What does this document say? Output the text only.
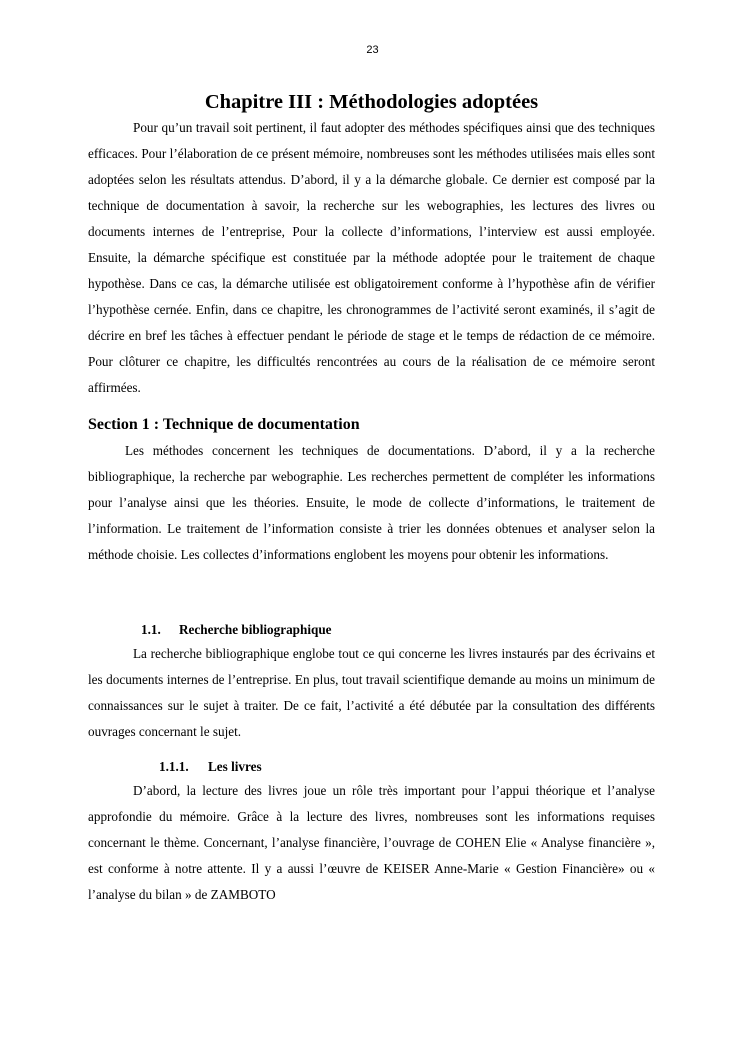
23
Chapitre III : Méthodologies adoptées

Pour qu’un travail soit pertinent, il faut adopter des méthodes spécifiques ainsi que des techniques efficaces. Pour l’élaboration de ce présent mémoire, nombreuses sont les méthodes utilisées mais elles sont adoptées selon les résultats attendus. D’abord, il y a la démarche globale. Ce dernier est composé par la technique de documentation à savoir, la recherche sur les webographies, les lectures des livres ou documents internes de l’entreprise, Pour la collecte d’informations, l’interview est aussi employée. Ensuite, la démarche spécifique est constituée par la méthode adoptée pour le traitement de chaque hypothèse. Dans ce cas, la démarche utilisée est obligatoirement conforme à l’hypothèse afin de vérifier l’hypothèse cernée. Enfin, dans ce chapitre, les chronogrammes de l’activité seront examinés, il s’agit de décrire en bref les tâches à effectuer pendant le période de stage et le temps de rédaction de ce mémoire. Pour clôturer ce chapitre, les difficultés rencontrées au cours de la réalisation de ce mémoire seront affirmées.

Section 1 : Technique de documentation

Les méthodes concernent les techniques de documentations. D’abord, il y a la recherche bibliographique, la recherche par webographie. Les recherches permettent de compléter les informations pour l’analyse ainsi que les théories. Ensuite, le mode de collecte d’informations, le traitement de l’information. Le traitement de l’information consiste à trier les données obtenues et analyser selon la méthode choisie. Les collectes d’informations englobent les moyens pour obtenir les informations.

1.1. Recherche bibliographique

La recherche bibliographique englobe tout ce qui concerne les livres instaurés par des écrivains et les documents internes de l’entreprise. En plus, tout travail scientifique demande au moins un minimum de connaissances sur le sujet à traiter. De ce fait, l’activité a été débutée par la consultation des différents ouvrages concernant le sujet.

1.1.1. Les livres

D’abord, la lecture des livres joue un rôle très important pour l’appui théorique et l’analyse approfondie du mémoire. Grâce à la lecture des livres, nombreuses sont les informations requises concernant le thème. Concernant, l’analyse financière, l’ouvrage de COHEN Elie « Analyse financière », est conforme à notre attente. Il y a aussi l’œuvre de KEISER Anne-Marie « Gestion Financière» ou « l’analyse du bilan » de ZAMBOTO
